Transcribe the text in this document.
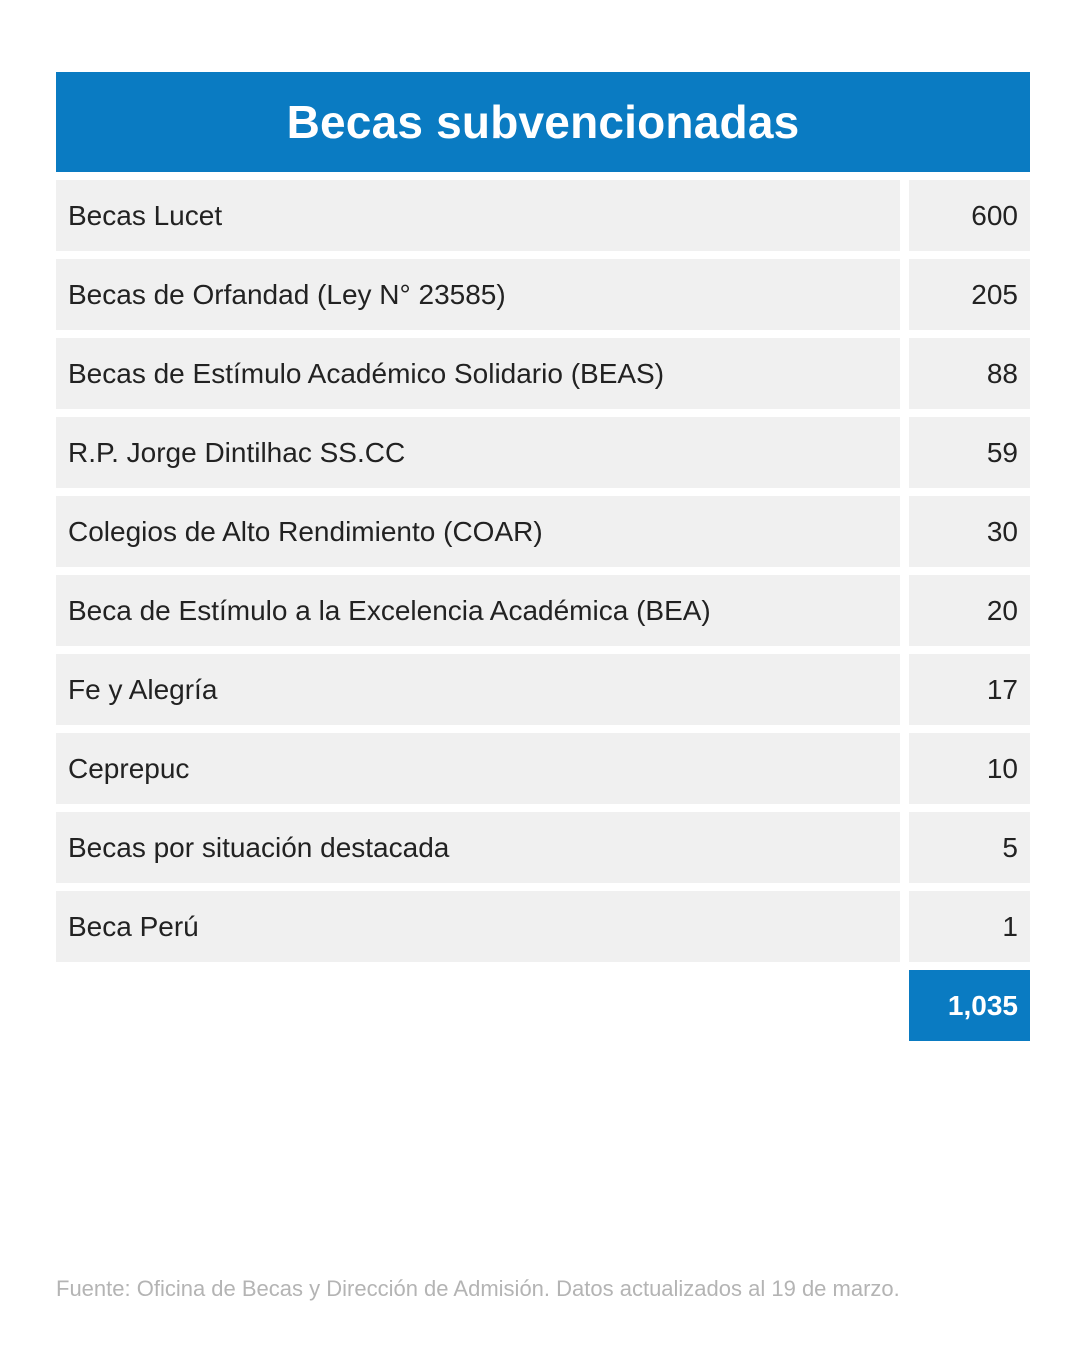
Becas subvencionadas
Becas Lucet	600
Becas de Orfandad (Ley N° 23585)	205
Becas de Estímulo Académico Solidario (BEAS)	88
R.P. Jorge Dintilhac SS.CC	59
Colegios de Alto Rendimiento (COAR)	30
Beca de Estímulo a la Excelencia Académica (BEA)	20
Fe y Alegría	17
Ceprepuc	10
Becas por situación destacada	5
Beca Perú	1
1,035
Fuente: Oficina de Becas y Dirección de Admisión. Datos actualizados al 19 de marzo.
